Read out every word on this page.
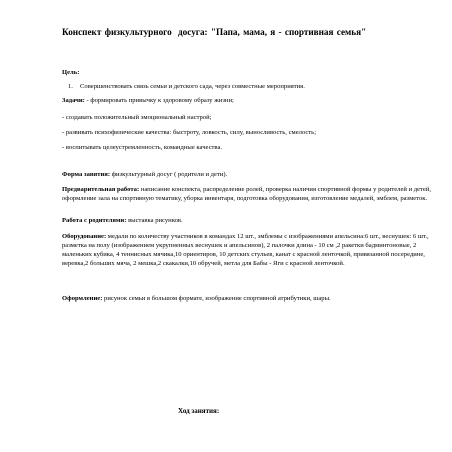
Конспект физкультурного досуга: "Папа, мама, я - спортивная семья"
Цель:
1. Совершенствовать связь семьи и детского сада, через совместные мероприятия.
Задачи: - формировать привычку к здоровому образу жизни;
- создавать положительный эмоциональный настрой;
- развивать психофизические качества: быстроту, ловкость, силу, выносливость, смелость;
- воспитывать целеустремленность, командные качества.
Форма занятия: физкультурный досуг ( родители и дети).
Предварительная работа: написание конспекта, распределение ролей, проверка наличия спортивной формы у родителей и детей, оформление зала на спортивную тематику, уборка инвентаря, подготовка оборудования, изготовление медалей, эмблем, разметок.
Работа с родителями: выставка рисунков.
Оборудование: медали по количеству участников в командах 12 шт., эмблемы с изображениями апельсина:6 шт., веснушек: 6 шт., разметка на полу (изображением укрупненных веснушек и апельсинов), 2 палочки длина - 10 см ,2 ракетки бадминтоновые, 2 маленьких кубика, 4 теннисных мячика,10 ориентиров, 10 детских стульев, канат с красной ленточкой, привязанной посередине, веревка,2 больших мяча, 2 мешка,2 скакалки,10 обручей, метла для Бабы - Яги с красной ленточкой.
Оформление: рисунок семьи в большом формате, изображение спортивной атрибутики, шары.
Ход занятия:
